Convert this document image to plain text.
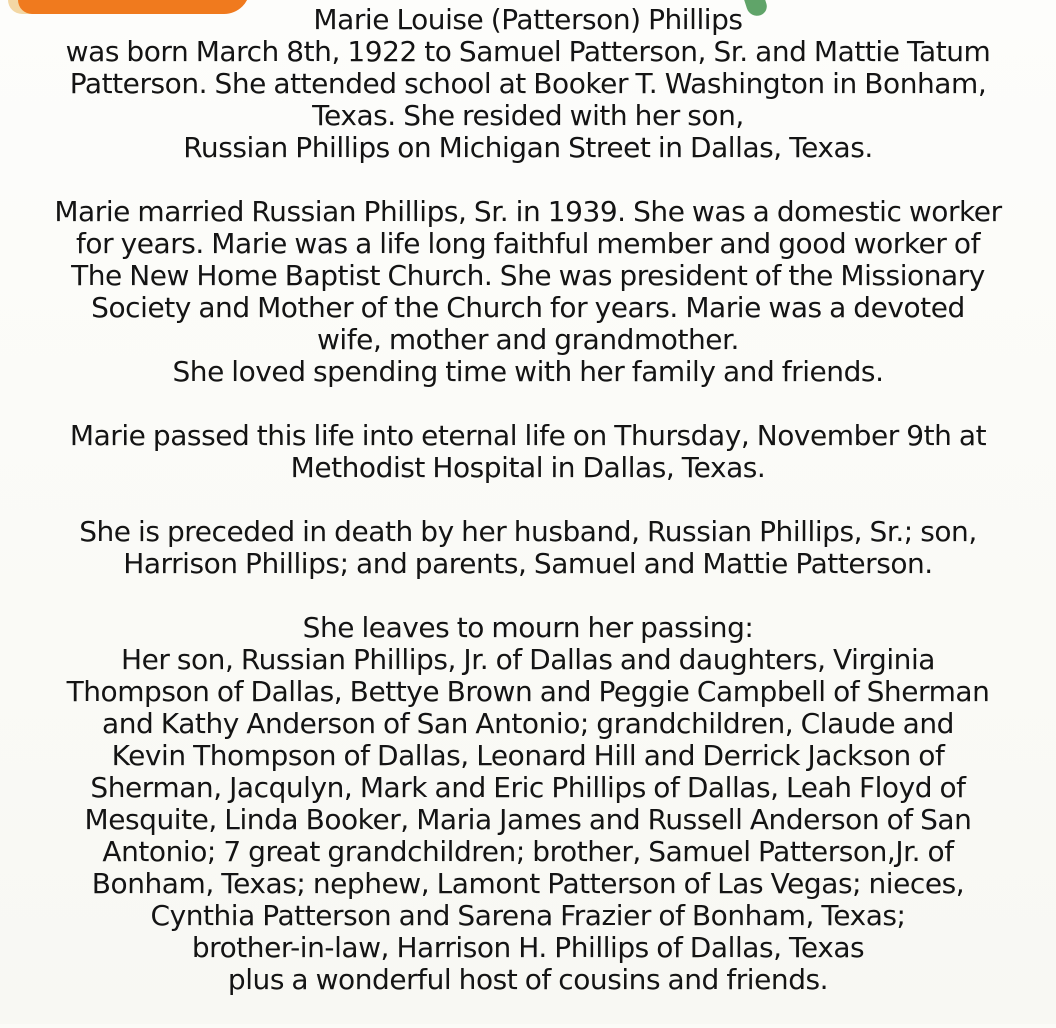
Marie Louise (Patterson) Phillips
was born March 8th, 1922 to Samuel Patterson, Sr. and Mattie Tatum
Patterson. She attended school at Booker T. Washington in Bonham,
Texas. She resided with her son,
Russian Phillips on Michigan Street in Dallas, Texas.
Marie married Russian Phillips, Sr. in 1939. She was a domestic worker
for years. Marie was a life long faithful member and good worker of
The New Home Baptist Church. She was president of the Missionary
Society and Mother of the Church for years. Marie was a devoted
wife, mother and grandmother.
She loved spending time with her family and friends.
Marie passed this life into eternal life on Thursday, November 9th at
Methodist Hospital in Dallas, Texas.
She is preceded in death by her husband, Russian Phillips, Sr.; son,
Harrison Phillips; and parents, Samuel and Mattie Patterson.
She leaves to mourn her passing:
Her son, Russian Phillips, Jr. of Dallas and daughters, Virginia
Thompson of Dallas, Bettye Brown and Peggie Campbell of Sherman
and Kathy Anderson of San Antonio; grandchildren, Claude and
Kevin Thompson of Dallas, Leonard Hill and Derrick Jackson of
Sherman, Jacqulyn, Mark and Eric Phillips of Dallas, Leah Floyd of
Mesquite, Linda Booker, Maria James and Russell Anderson of San
Antonio; 7 great grandchildren; brother, Samuel Patterson,Jr. of
Bonham, Texas; nephew, Lamont Patterson of Las Vegas; nieces,
Cynthia Patterson and Sarena Frazier of Bonham, Texas;
brother-in-law, Harrison H. Phillips of Dallas, Texas
plus a wonderful host of cousins and friends.
